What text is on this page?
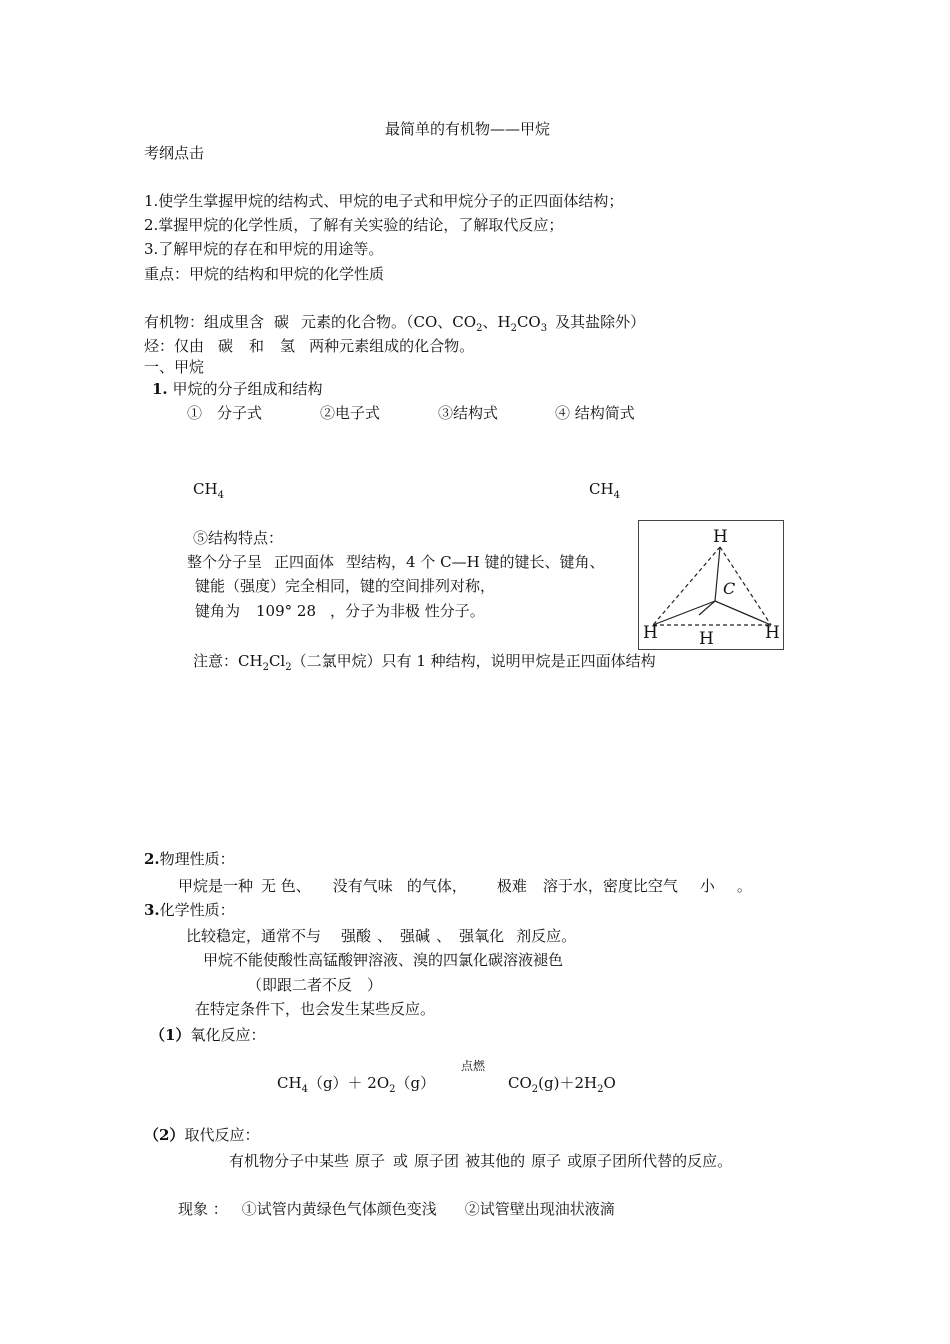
最简单的有机物——甲烷
考纲点击
1.使学生掌握甲烷的结构式、甲烷的电子式和甲烷分子的正四面体结构；
2.掌握甲烷的化学性质，了解有关实验的结论，了解取代反应；
3.了解甲烷的存在和甲烷的用途等。
重点：甲烷的结构和甲烷的化学性质
有机物：组成里含 碳 元素的化合物。（CO、$CO_2$、$H_2CO_3$ 及其盐除外）
烃：仅由 碳 和 氢 两种元素组成的化合物。
一、甲烷
1. 甲烷的分子组成和结构
①　分子式	②电子式	③结构式	④ 结构简式
$CH_4$	$CH_4$
⑤结构特点：
整个分子呈 正四面体 型结构，4 个 C—H 键的键长、键角、
键能（强度）完全相同，键的空间排列对称，
键角为 109° 28 ，分子为非极 性分子。
H
C
H H	H
注意：$CH_2Cl_2$（二氯甲烷）只有 1 种结构，说明甲烷是正四面体结构
2.物理性质：
甲烷是一种 无 色、 没有气味 的气体， 极难 溶于水，密度比空气 小 。
3.化学性质：
比较稳定，通常不与 强酸 、 强碱 、 强氧化 剂反应。
甲烷不能使酸性高锰酸钾溶液、溴的四氯化碳溶液褪色
（即跟二者不反　）
在特定条件下，也会发生某些反应。
（1）氧化反应：
$CH_4(g)+ 2O_2(g)$
点燃
$CO_2(g)+2H_2O$
（2）取代反应：
有机物分子中某些 原子 或 原子团 被其他的 原子 或原子团所代替的反应。
现象 ： ①试管内黄绿色气体颜色变浅 ②试管壁出现油状液滴
